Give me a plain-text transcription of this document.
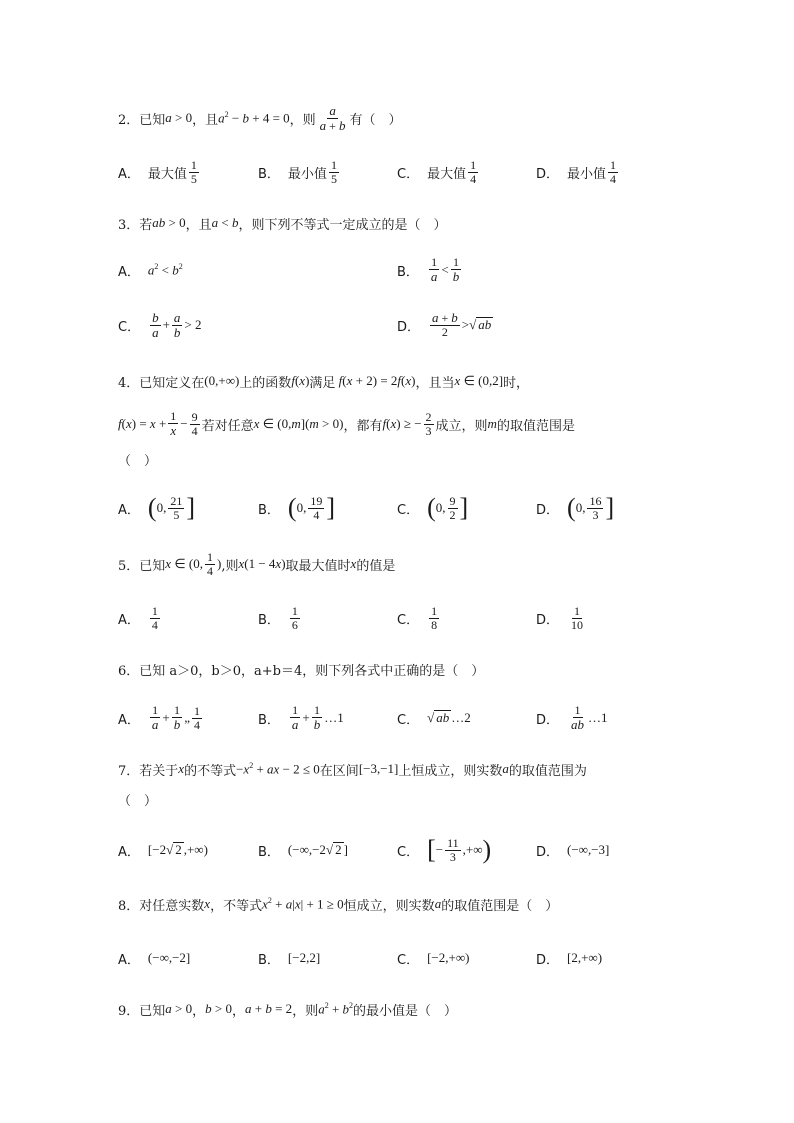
2．已知 a > 0 ，且 $a^2 - b + 4 = 0$ ，则 $\frac{a}{a + b}$ 有（　）
A． 最大值 $\frac{1}{5}$	B． 最小值 $\frac{1}{5}$	C． 最大值 $\frac{1}{4}$	D． 最小值 $\frac{1}{4}$
3．若 ab > 0 ，且 a < b ，则下列不等式一定成立的是（　）
A． $a^2 < b^2$	B． $\frac{1}{a} < \frac{1}{b}$
C． $\frac{b}{a} + \frac{a}{b} > 2$	D． $\frac{a + b}{2}$ > √ ab
4．已知定义在 (0,+∞) 上的函数 f(x) 满足 f(x + 2) = 2f(x) ，且当 x ∈ (0,2] 时，
$f(x) = x + \frac{1}{x} - \frac{9}{4}$ 若对任意 x ∈ (0,m](m > 0) ，都有 f(x) ≥ − $\frac{2}{3}$ 成立，则 m 的取值范围是
（　）
A． ( 0, $\frac{21}{5}$ ]	B． ( 0, $\frac{19}{4}$ ]	C． ( 0, $\frac{9}{2}$ ]	D． ( 0, $\frac{16}{3}$ ]
5．已知 x ∈ (0, $\frac{1}{4}$ ) ,则 x(1 − 4x) 取最大值时 x 的值是
A． $\frac{1}{4}$	B． $\frac{1}{6}$	C． $\frac{1}{8}$	D． $\frac{1}{10}$
6．已知 a＞0，b＞0，a+b＝4，则下列各式中正确的是（　）
A． $\frac{1}{a} + \frac{1}{b}$ „ $\frac{1}{4}$	B． $\frac{1}{a} + \frac{1}{b}$ …1	C． √ ab …2	D． $\frac{1}{ab}$ …1
7．若关于 x 的不等式 $-x^2$ + ax − 2 ≤ 0 在区间 [−3,−1] 上恒成立，则实数 a 的取值范围为
（　）
A． [−2 √ 2 ,+∞)	B． (−∞,−2 √ 2 ]	C． [ − $\frac{11}{3}$ ,+∞ )	D． (−∞,−3]
8．对任意实数 x ，不等式 $x^2 + a|x| + 1 \ge 0$ 恒成立，则实数 a 的取值范围是（　）
A． (−∞,−2]	B． [−2,2]	C． [−2,+∞)	D． [2,+∞)
9．已知 a > 0 ， b > 0 ， a + b = 2 ，则 $a^2 + b^2$ 的最小值是（　）
